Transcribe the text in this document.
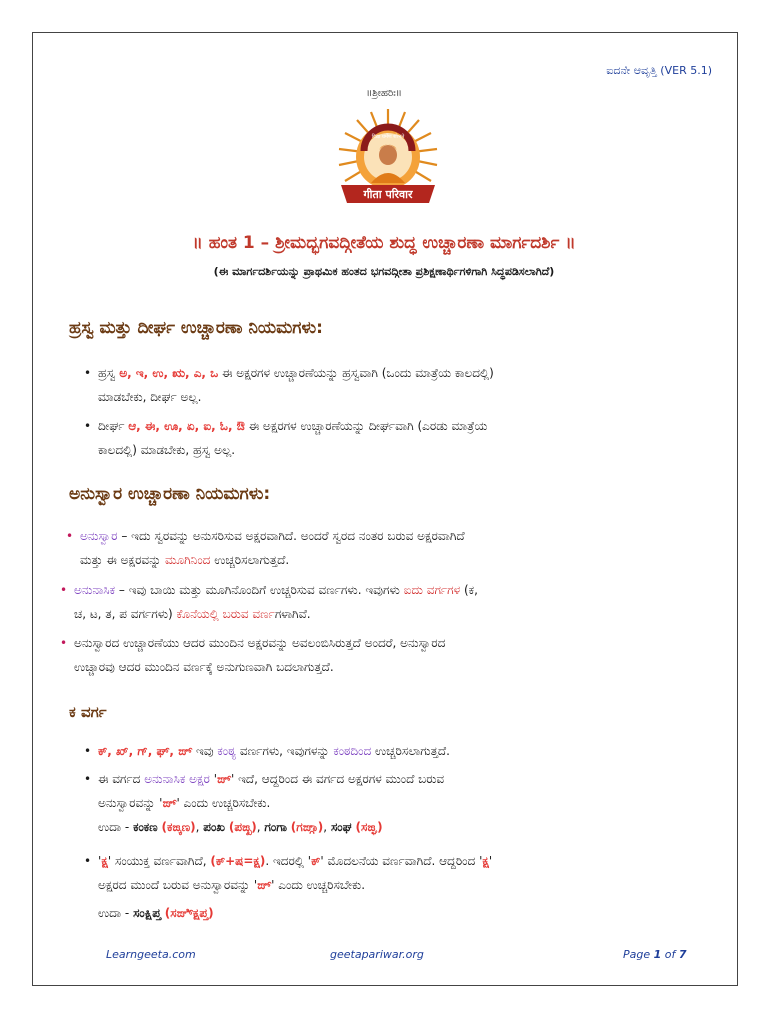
ಐದನೇ ಆವೃತ್ತಿ (VER 5.1)
॥ಶ್ರೀಹರಿಃ॥
विद्या धर्मेण शोभते
गीता परिवार
॥ ಹಂತ 1 – ಶ್ರೀಮದ್ಭಗವದ್ಗೀತೆಯ ಶುದ್ಧ ಉಚ್ಚಾರಣಾ ಮಾರ್ಗದರ್ಶಿ ॥
(ಈ ಮಾರ್ಗದರ್ಶಿಯನ್ನು ಪ್ರಾಥಮಿಕ ಹಂತದ ಭಗವದ್ಗೀತಾ ಪ್ರಶಿಕ್ಷಣಾರ್ಥಿಗಳಿಗಾಗಿ ಸಿದ್ಧಪಡಿಸಲಾಗಿದೆ)
ಹ್ರಸ್ವ ಮತ್ತು ದೀರ್ಘ ಉಚ್ಚಾರಣಾ ನಿಯಮಗಳು:
• ಹ್ರಸ್ವ ಅ, ಇ, ಉ, ಋ, ಎ, ಒ ಈ ಅಕ್ಷರಗಳ ಉಚ್ಚಾರಣೆಯನ್ನು ಹ್ರಸ್ವವಾಗಿ (ಒಂದು ಮಾತ್ರೆಯ ಕಾಲದಲ್ಲಿ)
ಮಾಡಬೇಕು, ದೀರ್ಘ ಅಲ್ಲ.
• ದೀರ್ಘ ಆ, ಈ, ಊ, ಏ, ಐ, ಓ, ಔ ಈ ಅಕ್ಷರಗಳ ಉಚ್ಚಾರಣೆಯನ್ನು ದೀರ್ಘವಾಗಿ (ಎರಡು ಮಾತ್ರೆಯ
ಕಾಲದಲ್ಲಿ) ಮಾಡಬೇಕು, ಹ್ರಸ್ವ ಅಲ್ಲ.
ಅನುಸ್ವಾರ ಉಚ್ಚಾರಣಾ ನಿಯಮಗಳು:
• ಅನುಸ್ವಾರ – ಇದು ಸ್ವರವನ್ನು ಅನುಸರಿಸುವ ಅಕ್ಷರವಾಗಿದೆ. ಅಂದರೆ ಸ್ವರದ ನಂತರ ಬರುವ ಅಕ್ಷರವಾಗಿದೆ
ಮತ್ತು ಈ ಅಕ್ಷರವನ್ನು ಮೂಗಿನಿಂದ ಉಚ್ಚರಿಸಲಾಗುತ್ತದೆ.
• ಅನುನಾಸಿಕ – ಇವು ಬಾಯಿ ಮತ್ತು ಮೂಗಿನೊಂದಿಗೆ ಉಚ್ಚರಿಸುವ ವರ್ಣಗಳು. ಇವುಗಳು ಐದು ವರ್ಗಗಳ (ಕ,
ಚ, ಟ, ತ, ಪ ವರ್ಗಗಳು) ಕೊನೆಯಲ್ಲಿ ಬರುವ ವರ್ಣಗಳಾಗಿವೆ.
• ಅನುಸ್ವಾರದ ಉಚ್ಚಾರಣೆಯು ಆದರ ಮುಂದಿನ ಅಕ್ಷರವನ್ನು ಅವಲಂಬಿಸಿರುತ್ತದೆ ಅಂದರೆ, ಅನುಸ್ವಾರದ
ಉಚ್ಚಾರವು ಆದರ ಮುಂದಿನ ವರ್ಣಕ್ಕೆ ಅನುಗುಣವಾಗಿ ಬದಲಾಗುತ್ತದೆ.
ಕ ವರ್ಗ
• ಕ್, ಖ್, ಗ್, ಘ್, ಙ್ ಇವು ಕಂಠ್ಯ ವರ್ಣಗಳು, ಇವುಗಳನ್ನು ಕಂಠದಿಂದ ಉಚ್ಚರಿಸಲಾಗುತ್ತದೆ.
• ಈ ವರ್ಗದ ಅನುನಾಸಿಕ ಅಕ್ಷರ 'ಙ್' ಇದೆ, ಆದ್ದರಿಂದ ಈ ವರ್ಗದ ಅಕ್ಷರಗಳ ಮುಂದೆ ಬರುವ
ಅನುಸ್ವಾರವನ್ನು 'ಙ್' ಎಂದು ಉಚ್ಚರಿಸಬೇಕು.
ಉದಾ - ಕಂಕಣ (ಕಙ್ಕಣ), ಪಂಖ (ಪಙ್ಖ), ಗಂಗಾ (ಗಙ್ಗಾ), ಸಂಘ (ಸಙ್ಘ)
• 'ಕ್ಷ' ಸಂಯುಕ್ತ ವರ್ಣವಾಗಿದೆ, (ಕ್+ಷ=ಕ್ಷ). ಇದರಲ್ಲಿ 'ಕ್' ಮೊದಲನೆಯ ವರ್ಣವಾಗಿದೆ. ಆದ್ದರಿಂದ 'ಕ್ಷ'
ಅಕ್ಷರದ ಮುಂದೆ ಬರುವ ಅನುಸ್ವಾರವನ್ನು 'ಙ್' ಎಂದು ಉಚ್ಚರಿಸಬೇಕು.
ಉದಾ - ಸಂಕ್ಷಿಪ್ತ (ಸಙ್ಕ್ಷಿಪ್ತ)
Learngeeta.com	geetapariwar.org	Page 1 of 7
